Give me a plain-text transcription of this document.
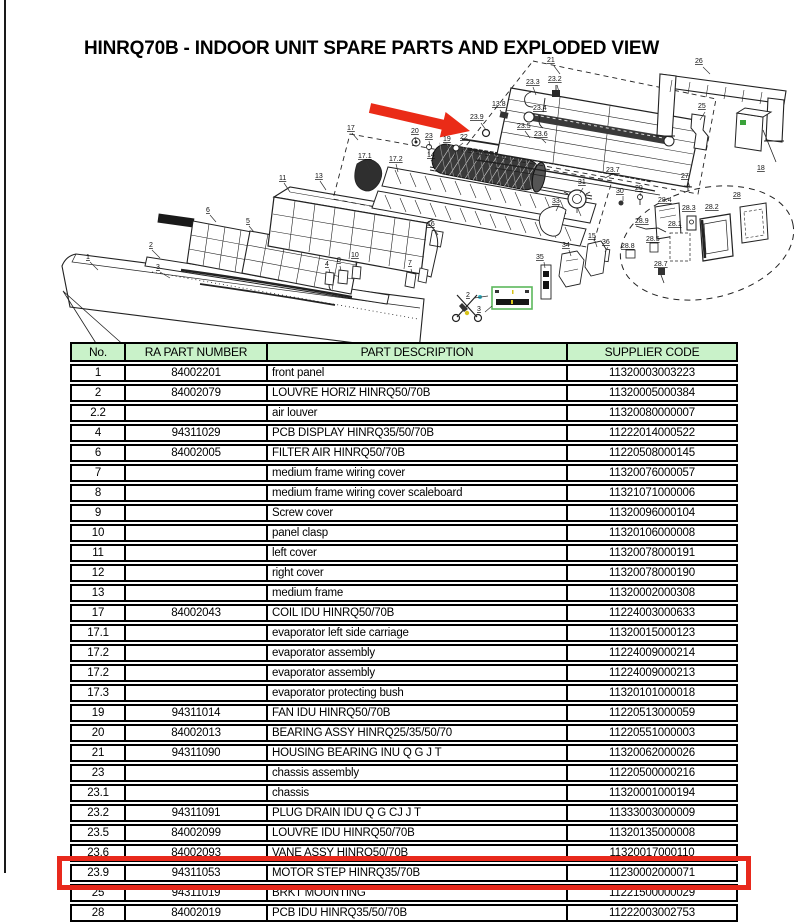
HINRQ70B - INDOOR UNIT SPARE PARTS AND EXPLODED VIEW
1
2
3
5
6
4
8
10
7
11	13
17
17.1 17.2
14
20
23 19 22
23.9
13.8
23.3 23.2
21
23.4
23.5
23.6
23.7
31
30 29
33
35
34
15
16
36
26
25
18
27
28
28.4
28.3 28.2
28.9	28.1
28.5
28.8
28.7
2
3
No.	RA PART NUMBER	PART DESCRIPTION	SUPPLIER CODE
1	84002201	front panel	11320003003223
2	84002079	LOUVRE HORIZ HINRQ50/70B	11320005000384
2.2		air louver	11320080000007
4	94311029	PCB DISPLAY HINRQ35/50/70B	11222014000522
6	84002005	FILTER AIR HINRQ50/70B	11220508000145
7		medium frame wiring cover	11320076000057
8		medium frame wiring cover scaleboard	11321071000006
9		Screw cover	11320096000104
10		panel clasp	11320106000008
11		left cover	11320078000191
12		right cover	11320078000190
13		medium frame	11320002000308
17	84002043	COIL IDU HINRQ50/70B	11224003000633
17.1		evaporator left side carriage	11320015000123
17.2		evaporator assembly	11224009000214
17.2		evaporator assembly	11224009000213
17.3		evaporator protecting bush	11320101000018
19	94311014	FAN IDU HINRQ50/70B	11220513000059
20	84002013	BEARING ASSY HINRQ25/35/50/70	11220551000003
21	94311090	HOUSING BEARING INU Q G J T	11320062000026
23		chassis assembly	11220500000216
23.1		chassis	11320001000194
23.2	94311091	PLUG DRAIN IDU Q G CJ J T	11333003000009
23.5	84002099	LOUVRE IDU HINRQ50/70B	11320135000008
23.6	84002093	VANE ASSY HINRQ50/70B	11320017000110
23.9	94311053	MOTOR STEP HINRQ35/70B	11230002000071
25	94311019	BRKT MOUNTING	11221500000029
28	84002019	PCB IDU HINRQ35/50/70B	11222003002753
